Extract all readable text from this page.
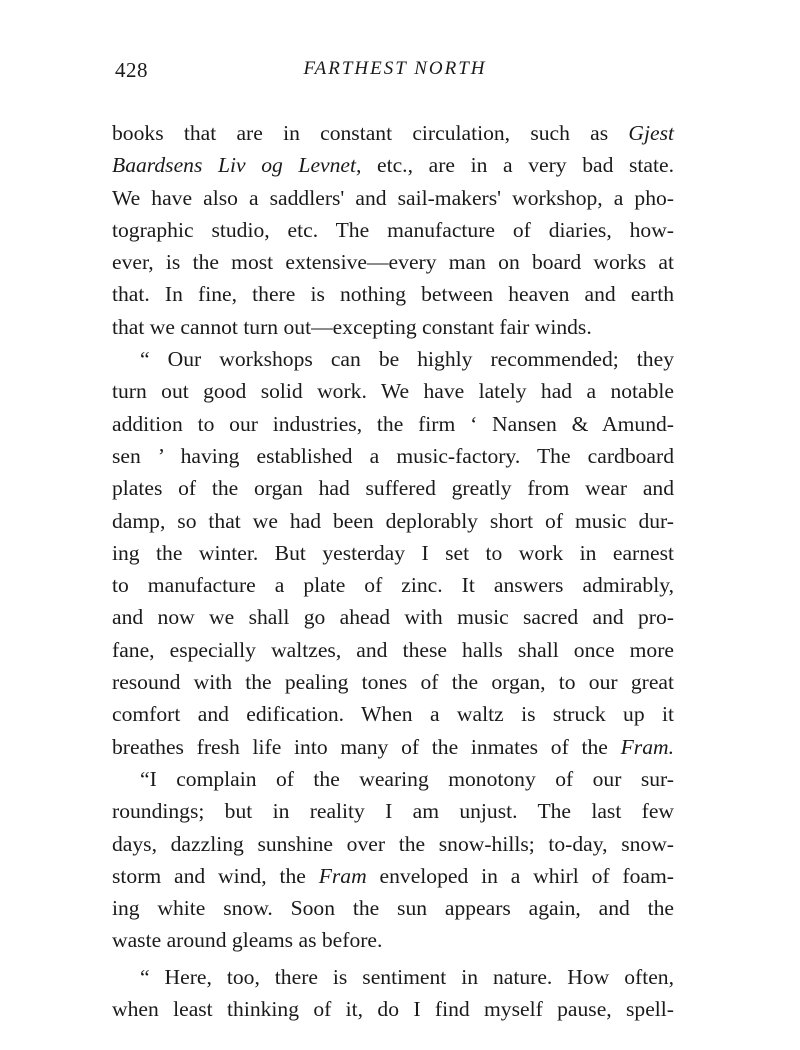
428	FARTHEST NORTH
books that are in constant circulation, such as Gjest
Baardsens Liv og Levnet, etc., are in a very bad state.
We have also a saddlers' and sail-makers' workshop, a pho-
tographic studio, etc. The manufacture of diaries, how-
ever, is the most extensive—every man on board works at
that. In fine, there is nothing between heaven and earth
that we cannot turn out—excepting constant fair winds.
“ Our workshops can be highly recommended; they
turn out good solid work. We have lately had a notable
addition to our industries, the firm ‘ Nansen & Amund-
sen ’ having established a music-factory. The cardboard
plates of the organ had suffered greatly from wear and
damp, so that we had been deplorably short of music dur-
ing the winter. But yesterday I set to work in earnest
to manufacture a plate of zinc. It answers admirably,
and now we shall go ahead with music sacred and pro-
fane, especially waltzes, and these halls shall once more
resound with the pealing tones of the organ, to our great
comfort and edification. When a waltz is struck up it
breathes fresh life into many of the inmates of the Fram.
“I complain of the wearing monotony of our sur-
roundings; but in reality I am unjust. The last few
days, dazzling sunshine over the snow-hills; to-day, snow-
storm and wind, the Fram enveloped in a whirl of foam-
ing white snow. Soon the sun appears again, and the
waste around gleams as before.
“ Here, too, there is sentiment in nature. How often,
when least thinking of it, do I find myself pause, spell-
